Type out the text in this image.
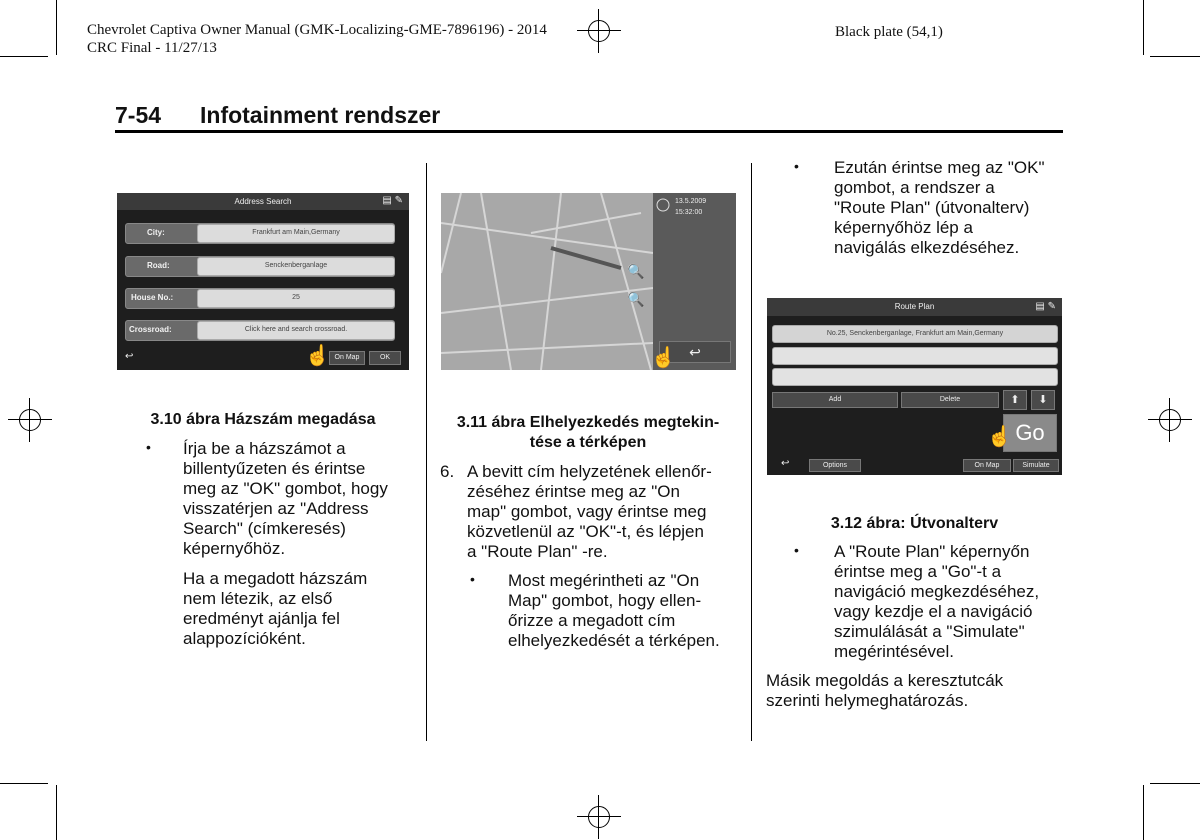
Chevrolet Captiva Owner Manual (GMK-Localizing-GME-7896196) - 2014
CRC Final - 11/27/13
Black plate (54,1)
7-54 Infotainment rendszer
Address Search	▤ ✎
City:	Frankfurt am Main,Germany
Road:	Senckenberganlage
House No.:	25
Crossroad:	Click here and search crossroad.
↩	On Map	OK
☝
3.10 ábra Házszám megadása
13.5.2009
15:32:00
🔍
🔍
↩
☝
3.11 ábra Elhelyezkedés megtekin-
tése a térképen
Route Plan	▤ ✎
No.25, Senckenberganlage, Frankfurt am Main,Germany
Add	Delete	⬆	⬇
Go
☝
↩	Options	On Map	Simulate
3.12 ábra: Útvonalterv
• Írja be a házszámot a
billentyűzeten és érintse
meg az "OK" gombot, hogy
visszatérjen az "Address
Search" (címkeresés)
képernyőhöz.
Ha a megadott házszám
nem létezik, az első
eredményt ajánlja fel
alappozícióként.
6. A bevitt cím helyzetének ellenőr-
zéséhez érintse meg az "On
map" gombot, vagy érintse meg
közvetlenül az "OK"-t, és lépjen
a "Route Plan" -re.
• Most megérintheti az "On
Map" gombot, hogy ellen-
őrizze a megadott cím
elhelyezkedését a térképen.
• Ezután érintse meg az "OK"
gombot, a rendszer a
"Route Plan" (útvonalterv)
képernyőhöz lép a
navigálás elkezdéséhez.
• A "Route Plan" képernyőn
érintse meg a "Go"-t a
navigáció megkezdéséhez,
vagy kezdje el a navigáció
szimulálását a "Simulate"
megérintésével.
Másik megoldás a keresztutcák
szerinti helymeghatározás.
